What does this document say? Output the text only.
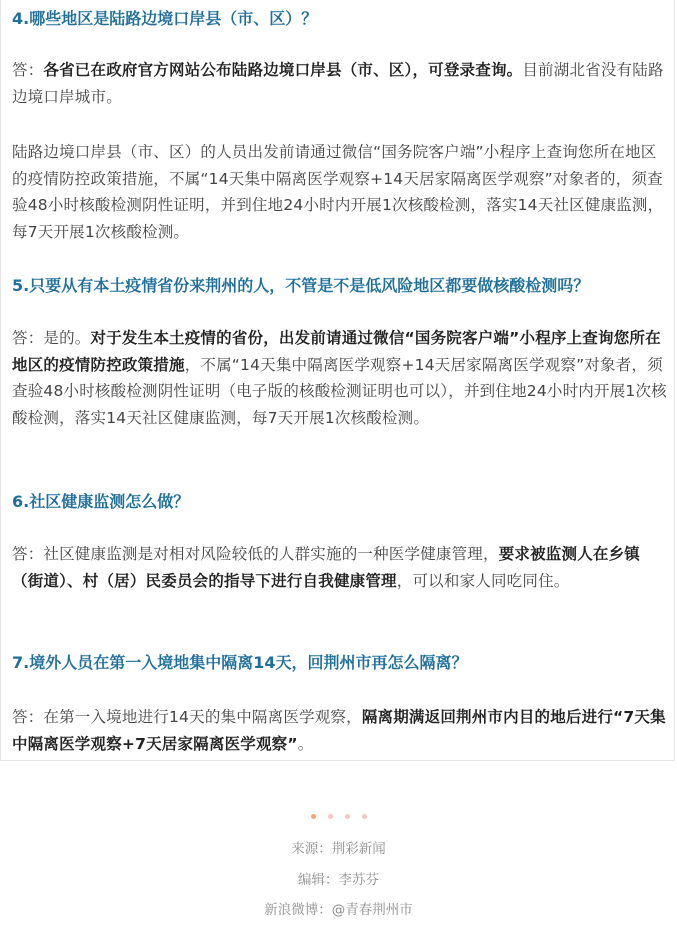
4.哪些地区是陆路边境口岸县（市、区）？

答：各省已在政府官方网站公布陆路边境口岸县（市、区），可登录查询。目前湖北省没有陆路边境口岸城市。

陆路边境口岸县（市、区）的人员出发前请通过微信“国务院客户端”小程序上查询您所在地区的疫情防控政策措施，不属“14天集中隔离医学观察+14天居家隔离医学观察”对象者的，须查验48小时核酸检测阴性证明，并到住地24小时内开展1次核酸检测，落实14天社区健康监测，每7天开展1次核酸检测。

5.只要从有本土疫情省份来荆州的人，不管是不是低风险地区都要做核酸检测吗？

答：是的。对于发生本土疫情的省份，出发前请通过微信“国务院客户端”小程序上查询您所在地区的疫情防控政策措施，不属“14天集中隔离医学观察+14天居家隔离医学观察”对象者，须查验48小时核酸检测阴性证明（电子版的核酸检测证明也可以），并到住地24小时内开展1次核酸检测，落实14天社区健康监测，每7天开展1次核酸检测。

6.社区健康监测怎么做？

答：社区健康监测是对相对风险较低的人群实施的一种医学健康管理，要求被监测人在乡镇（街道）、村（居）民委员会的指导下进行自我健康管理，可以和家人同吃同住。

7.境外人员在第一入境地集中隔离14天，回荆州市再怎么隔离？

答：在第一入境地进行14天的集中隔离医学观察，隔离期满返回荆州市内目的地后进行“7天集中隔离医学观察+7天居家隔离医学观察”。

来源：荆彩新闻

编辑：李苏芬

新浪微博：@青春荆州市
